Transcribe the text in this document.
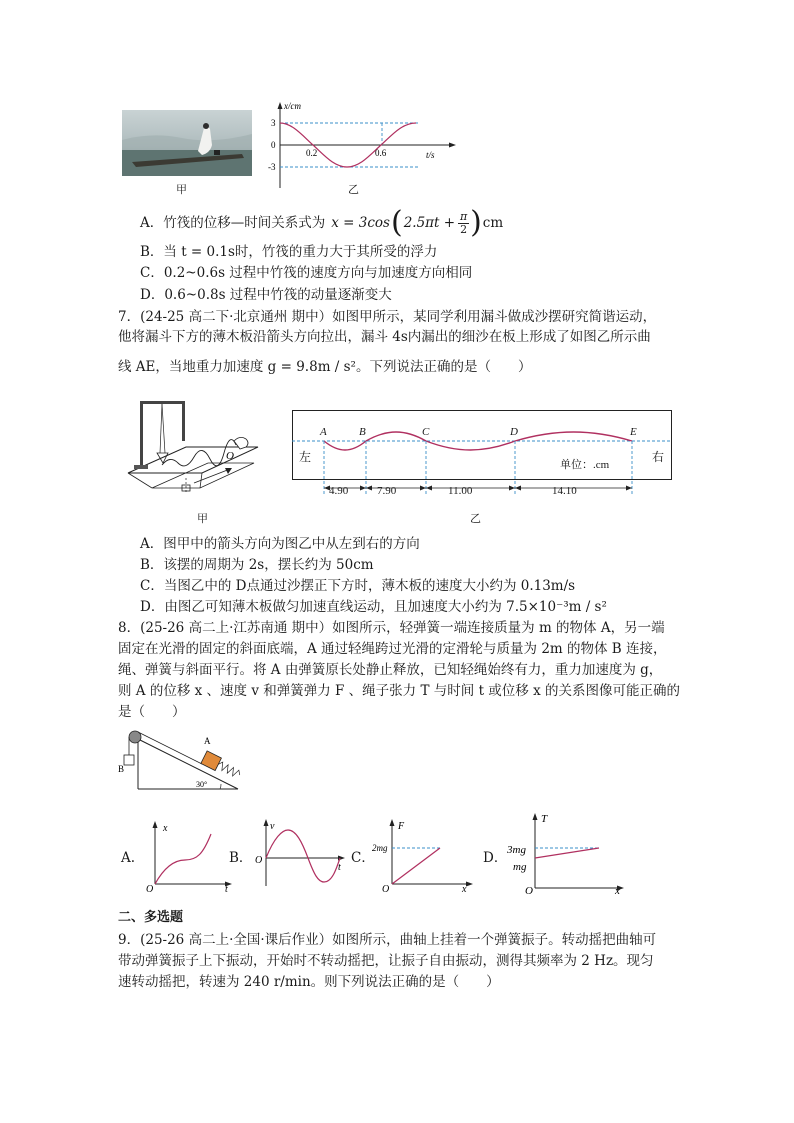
甲
x/cm
3
0
-3
0.2	0.6	t/s
乙
A．竹筏的位移—时间关系式为 x = 3cos ( $2.5\pi t + \frac{\pi}{2}$ ) cm
B．当 t = 0.1s时，竹筏的重力大于其所受的浮力
C．0.2~0.6s 过程中竹筏的速度方向与加速度方向相同
D．0.6~0.8s 过程中竹筏的动量逐渐变大
7．(24-25 高二下·北京通州 期中）如图甲所示，某同学利用漏斗做成沙摆研究简谐运动，
他将漏斗下方的薄木板沿箭头方向拉出，漏斗 4s内漏出的细沙在板上形成了如图乙所示曲
线 AE，当地重力加速度 g = 9.8m / s²。下列说法正确的是（　　）
O
甲
左	右
单位：.cm
A	B	C	D	E
4.90	7.90	11.00	14.10
乙
A．图甲中的箭头方向为图乙中从左到右的方向
B．该摆的周期为 2s，摆长约为 50cm
C．当图乙中的 D点通过沙摆正下方时，薄木板的速度大小约为 0.13m/s
D．由图乙可知薄木板做匀加速直线运动，且加速度大小约为 7.5×10⁻³m / s²
8．(25-26 高二上·江苏南通 期中）如图所示，轻弹簧一端连接质量为 m 的物体 A，另一端
固定在光滑的固定的斜面底端，A 通过轻绳跨过光滑的定滑轮与质量为 2m 的物体 B 连接，
绳、弹簧与斜面平行。将 A 由弹簧原长处静止释放，已知轻绳始终有力，重力加速度为 g，
则 A 的位移 x 、速度 v 和弹簧弹力 F 、绳子张力 T 与时间 t 或位移 x 的关系图像可能正确的
是（　　）
A
B
30°
A.
x
O	t
B．
v
O
t
C．
F
2mg
O	x
D．
T
3mg
mg
O	x
二、多选题
9．(25-26 高二上·全国·课后作业）如图所示，曲轴上挂着一个弹簧振子。转动摇把曲轴可
带动弹簧振子上下振动，开始时不转动摇把，让振子自由振动，测得其频率为 2 Hz。现匀
速转动摇把，转速为 240 r/min。则下列说法正确的是（　　）
